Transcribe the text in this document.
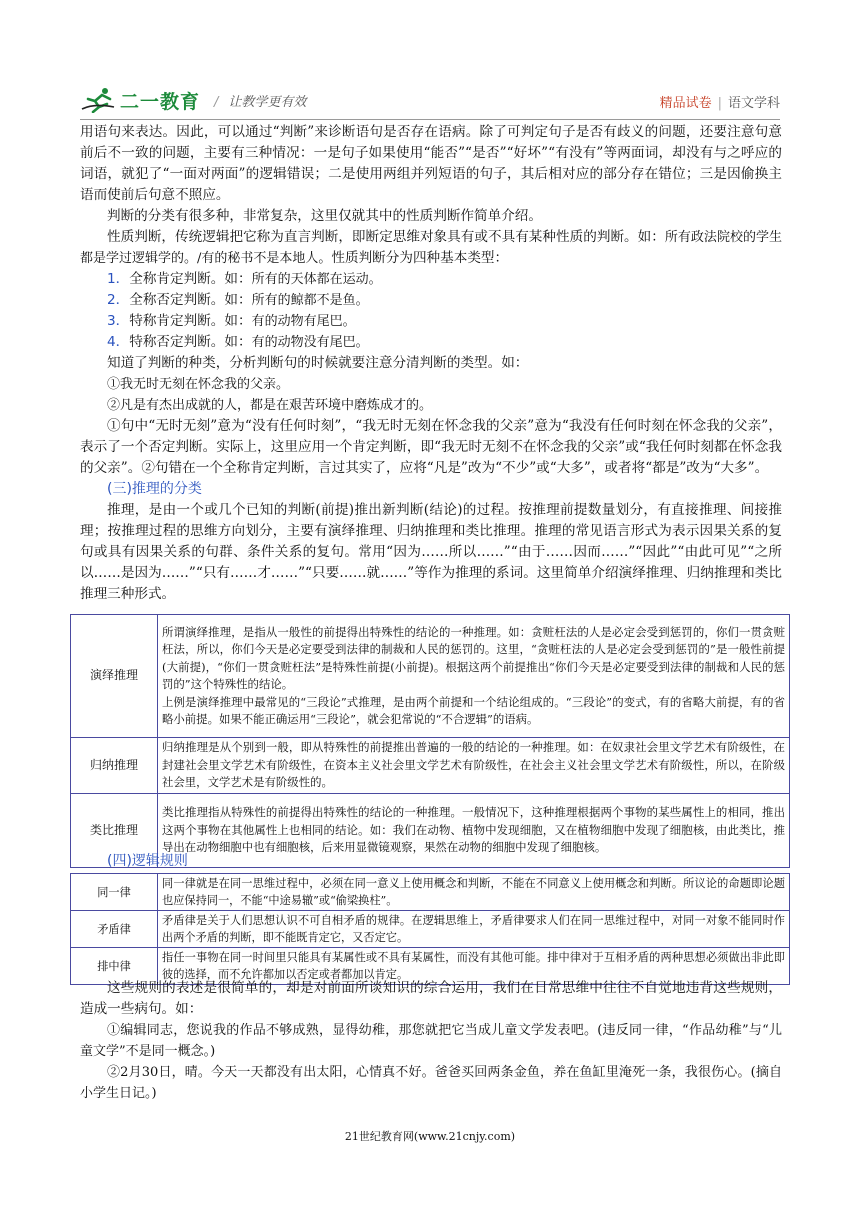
二一教育 / 让教学更有效	精品试卷 | 语文学科

用语句来表达。因此，可以通过“判断”来诊断语句是否存在语病。除了可判定句子是否有歧义的问题，还要注意句意前后不一致的问题，主要有三种情况：一是句子如果使用“能否”“是否”“好坏”“有没有”等两面词，却没有与之呼应的词语，就犯了“一面对两面”的逻辑错误；二是使用两组并列短语的句子，其后相对应的部分存在错位；三是因偷换主语而使前后句意不照应。

判断的分类有很多种，非常复杂，这里仅就其中的性质判断作简单介绍。

性质判断，传统逻辑把它称为直言判断，即断定思维对象具有或不具有某种性质的判断。如：所有政法院校的学生都是学过逻辑学的。/有的秘书不是本地人。性质判断分为四种基本类型：

1．全称肯定判断。如：所有的天体都在运动。

2．全称否定判断。如：所有的鲸都不是鱼。

3．特称肯定判断。如：有的动物有尾巴。

4．特称否定判断。如：有的动物没有尾巴。

知道了判断的种类，分析判断句的时候就要注意分清判断的类型。如：

①我无时无刻在怀念我的父亲。

②凡是有杰出成就的人，都是在艰苦环境中磨炼成才的。

①句中“无时无刻”意为“没有任何时刻”，“我无时无刻在怀念我的父亲”意为“我没有任何时刻在怀念我的父亲”，表示了一个否定判断。实际上，这里应用一个肯定判断，即“我无时无刻不在怀念我的父亲”或“我任何时刻都在怀念我的父亲”。②句错在一个全称肯定判断，言过其实了，应将“凡是”改为“不少”或“大多”，或者将“都是”改为“大多”。

(三)推理的分类

推理，是由一个或几个已知的判断(前提)推出新判断(结论)的过程。按推理前提数量划分，有直接推理、间接推理；按推理过程的思维方向划分，主要有演绎推理、归纳推理和类比推理。推理的常见语言形式为表示因果关系的复句或具有因果关系的句群、条件关系的复句。常用“因为……所以……”“由于……因而……”“因此”“由此可见”“之所以……是因为……”“只有……才……”“只要……就……”等作为推理的系词。这里简单介绍演绎推理、归纳推理和类比推理三种形式。

演绎推理	所谓演绎推理，是指从一般性的前提得出特殊性的结论的一种推理。如：贪赃枉法的人是必定会受到惩罚的，你们一贯贪赃枉法，所以，你们今天是必定要受到法律的制裁和人民的惩罚的。这里，“贪赃枉法的人是必定会受到惩罚的”是一般性前提(大前提)，“你们一贯贪赃枉法”是特殊性前提(小前提)。根据这两个前提推出“你们今天是必定要受到法律的制裁和人民的惩罚的”这个特殊性的结论。
上例是演绎推理中最常见的“三段论”式推理，是由两个前提和一个结论组成的。“三段论”的变式，有的省略大前提，有的省略小前提。如果不能正确运用“三段论”，就会犯常说的“不合逻辑”的语病。
归纳推理	归纳推理是从个别到一般，即从特殊性的前提推出普遍的一般的结论的一种推理。如：在奴隶社会里文学艺术有阶级性，在封建社会里文学艺术有阶级性，在资本主义社会里文学艺术有阶级性，在社会主义社会里文学艺术有阶级性，所以，在阶级社会里，文学艺术是有阶级性的。
类比推理	类比推理指从特殊性的前提得出特殊性的结论的一种推理。一般情况下，这种推理根据两个事物的某些属性上的相同，推出这两个事物在其他属性上也相同的结论。如：我们在动物、植物中发现细胞，又在植物细胞中发现了细胞核，由此类比，推导出在动物细胞中也有细胞核，后来用显微镜观察，果然在动物的细胞中发现了细胞核。
(四)逻辑规则
同一律	同一律就是在同一思维过程中，必须在同一意义上使用概念和判断，不能在不同意义上使用概念和判断。所议论的命题即论题也应保持同一，不能“中途易辙”或“偷梁换柱”。
矛盾律	矛盾律是关于人们思想认识不可自相矛盾的规律。在逻辑思维上，矛盾律要求人们在同一思维过程中，对同一对象不能同时作出两个矛盾的判断，即不能既肯定它，又否定它。
排中律	指任一事物在同一时间里只能具有某属性或不具有某属性，而没有其他可能。排中律对于互相矛盾的两种思想必须做出非此即彼的选择，而不允许都加以否定或者都加以肯定。

这些规则的表述是很简单的，却是对前面所谈知识的综合运用，我们在日常思维中往往不自觉地违背这些规则，造成一些病句。如：

①编辑同志，您说我的作品不够成熟，显得幼稚，那您就把它当成儿童文学发表吧。(违反同一律，“作品幼稚”与“儿童文学”不是同一概念。)

②2月30日，晴。今天一天都没有出太阳，心情真不好。爸爸买回两条金鱼，养在鱼缸里淹死一条，我很伤心。(摘自小学生日记。)

21世纪教育网(www.21cnjy.com)
